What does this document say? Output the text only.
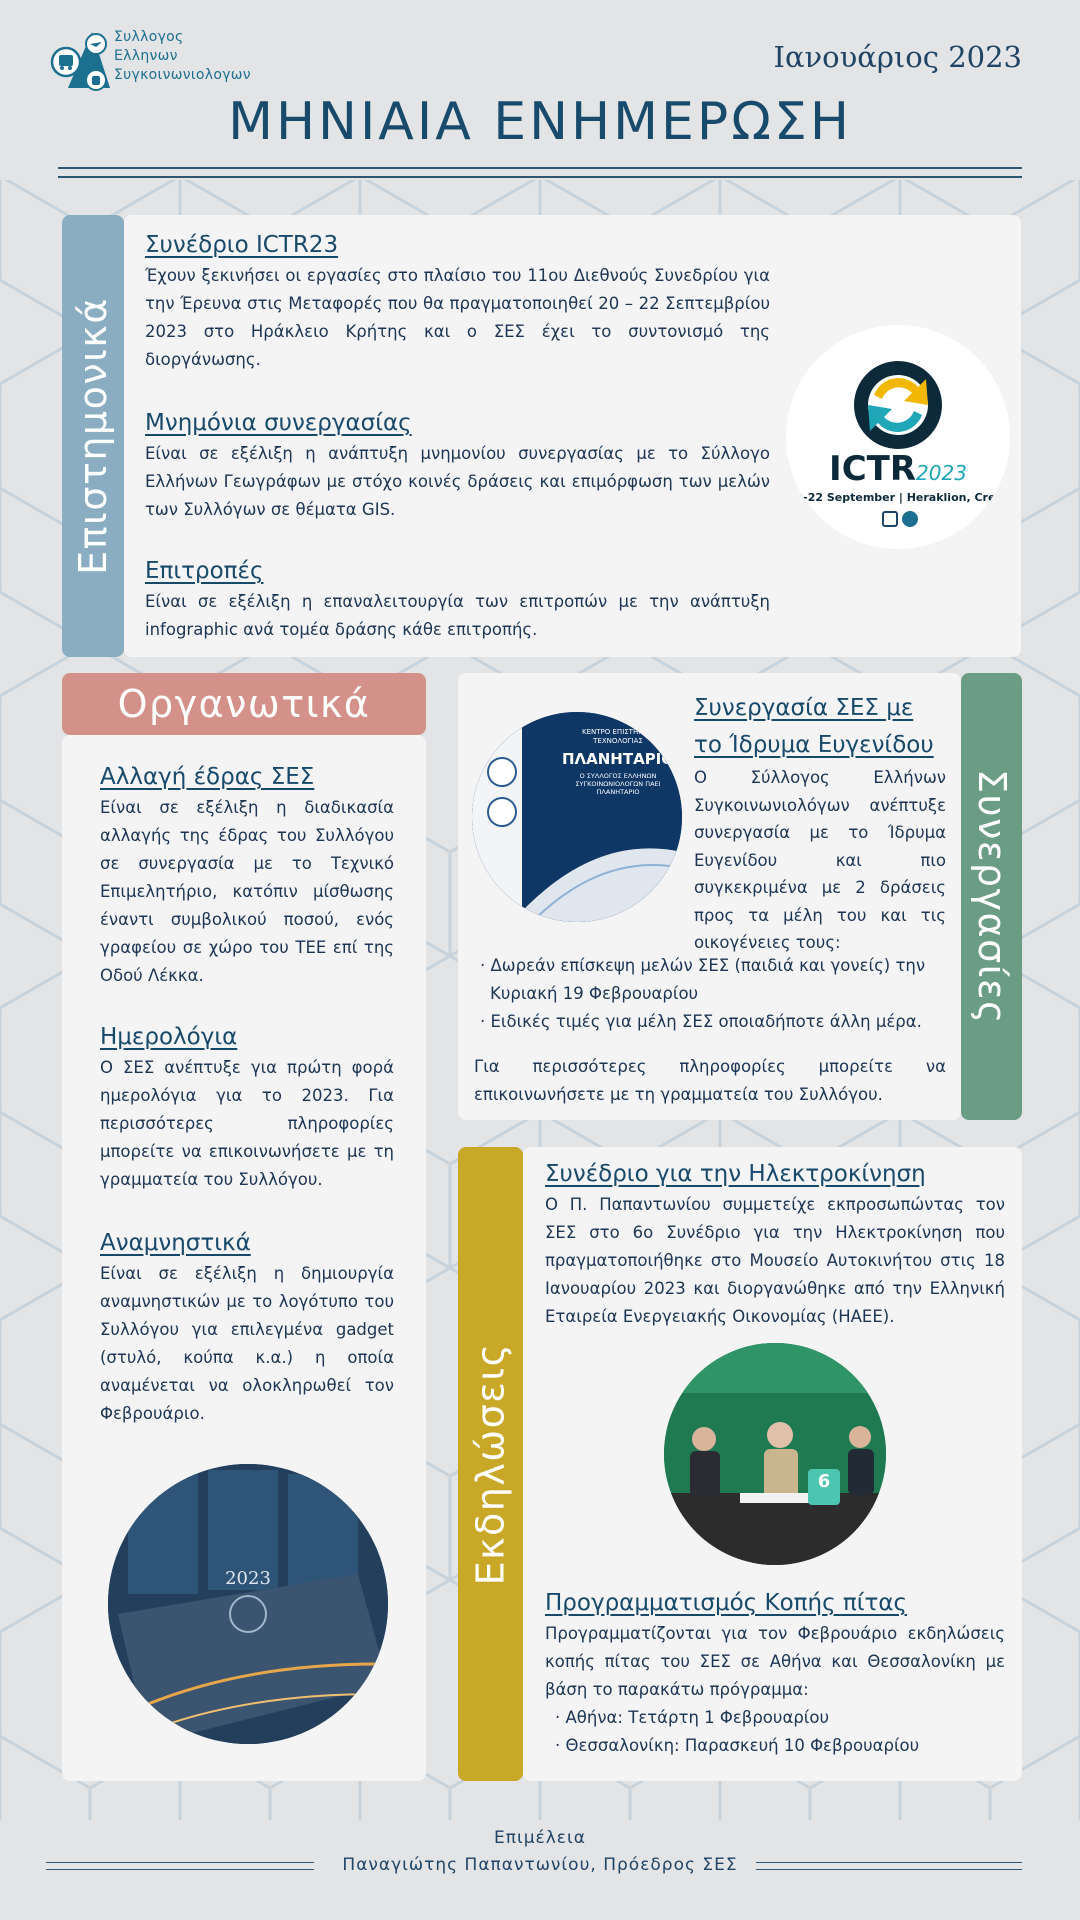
Συλλογος
Ελληνων
Συγκοινωνιολογων
Ιανουάριος 2023
ΜΗΝΙΑΙΑ ΕΝΗΜΕΡΩΣΗ
Επιστημονικά
Συνέδριο ICTR23
Έχουν ξεκινήσει οι εργασίες στο πλαίσιο του 11ου Διεθνούς Συνεδρίου για την Έρευνα στις Μεταφορές που θα πραγματοποιηθεί 20 – 22 Σεπτεμβρίου 2023 στο Ηράκλειο Κρήτης και ο ΣΕΣ έχει το συντονισμό της διοργάνωσης.
Μνημόνια συνεργασίας
Είναι σε εξέλιξη η ανάπτυξη μνημονίου συνεργασίας με το Σύλλογο Ελλήνων Γεωγράφων με στόχο κοινές δράσεις και επιμόρφωση των μελών των Συλλόγων σε θέματα GIS.
Επιτροπές
Είναι σε εξέλιξη η επαναλειτουργία των επιτροπών με την ανάπτυξη infographic ανά τομέα δράσης κάθε επιτροπής.
ICTR2023
20-22 September | Heraklion, Crete
Οργανωτικά
Αλλαγή έδρας ΣΕΣ
Είναι σε εξέλιξη η διαδικασία αλλαγής της έδρας του Συλλόγου σε συνεργασία με το Τεχνικό Επιμελητήριο, κατόπιν μίσθωσης έναντι συμβολικού ποσού, ενός γραφείου σε χώρο του ΤΕΕ επί της Οδού Λέκκα.
Ημερολόγια
Ο ΣΕΣ ανέπτυξε για πρώτη φορά ημερολόγια για το 2023. Για περισσότερες πληροφορίες μπορείτε να επικοινωνήσετε με τη γραμματεία του Συλλόγου.
Αναμνηστικά
Είναι σε εξέλιξη η δημιουργία αναμνηστικών με το λογότυπο του Συλλόγου για επιλεγμένα gadget (στυλό, κούπα κ.α.) η οποία αναμένεται να ολοκληρωθεί τον Φεβρουάριο.
2023
Συνεργασίες
ΚΕΝΤΡΟ ΕΠΙΣΤΗΜΗΣ ΤΕΧΝΟΛΟΓΙΑΣ
ΠΛΑΝΗΤΑΡΙΟ
Ο ΣΥΛΛΟΓΟΣ ΕΛΛΗΝΩΝ ΣΥΓΚΟΙΝΩΝΙΟΛΟΓΩΝ ΠΑΕΙ ΠΛΑΝΗΤΑΡΙΟ
Συνεργασία ΣΕΣ με
το Ίδρυμα Ευγενίδου
Ο Σύλλογος Ελλήνων Συγκοινωνιολόγων ανέπτυξε συνεργασία με το Ίδρυμα Ευγενίδου και πιο συγκεκριμένα με 2 δράσεις προς τα μέλη του και τις οικογένειες τους:
· Δωρεάν επίσκεψη μελών ΣΕΣ (παιδιά και γονείς) την Κυριακή 19 Φεβρουαρίου
· Ειδικές τιμές για μέλη ΣΕΣ οποιαδήποτε άλλη μέρα.
Για περισσότερες πληροφορίες μπορείτε να επικοινωνήσετε με τη γραμματεία του Συλλόγου.
Εκδηλώσεις
Συνέδριο για την Ηλεκτροκίνηση
Ο Π. Παπαντωνίου συμμετείχε εκπροσωπώντας τον ΣΕΣ στο 6ο Συνέδριο για την Ηλεκτροκίνηση που πραγματοποιήθηκε στο Μουσείο Αυτοκινήτου στις 18 Ιανουαρίου 2023 και διοργανώθηκε από την Ελληνική Εταιρεία Ενεργειακής Οικονομίας (ΗΑΕΕ).
6
Προγραμματισμός Κοπής πίτας
Προγραμματίζονται για τον Φεβρουάριο εκδηλώσεις κοπής πίτας του ΣΕΣ σε Αθήνα και Θεσσαλονίκη με βάση το παρακάτω πρόγραμμα:
· Αθήνα: Τετάρτη 1 Φεβρουαρίου
· Θεσσαλονίκη: Παρασκευή 10 Φεβρουαρίου
Επιμέλεια
Παναγιώτης Παπαντωνίου, Πρόεδρος ΣΕΣ
